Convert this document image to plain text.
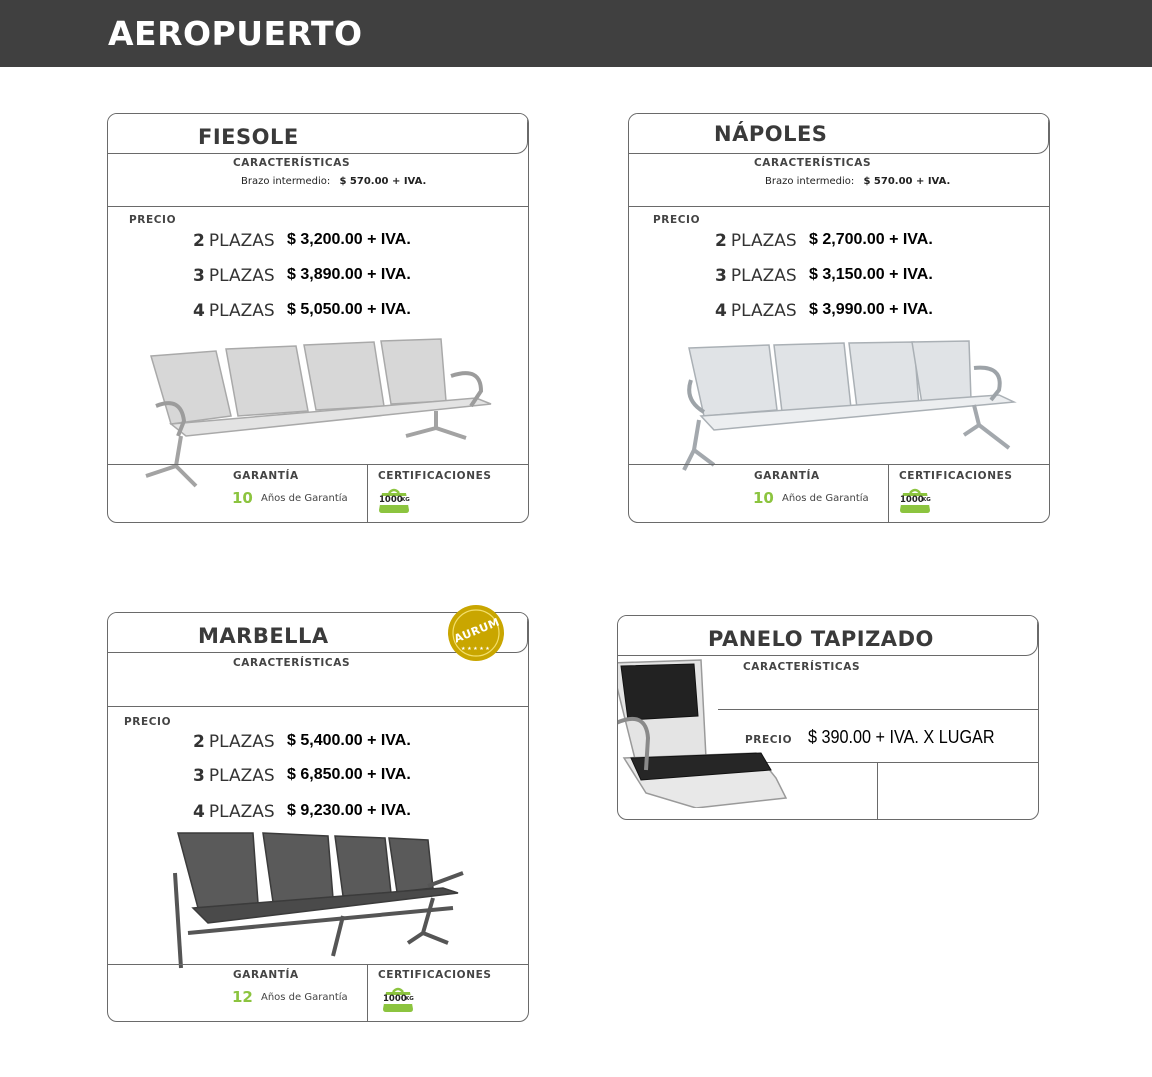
AEROPUERTO
FIESOLE
CARACTERÍSTICAS
Brazo intermedio: $ 570.00 + IVA.
PRECIO
2 PLAZAS $ 3,200.00 + IVA.
3 PLAZAS $ 3,890.00 + IVA.
4 PLAZAS $ 5,050.00 + IVA.
GARANTÍA
10 Años de Garantía
CERTIFICACIONES
1000
KG
NÁPOLES
CARACTERÍSTICAS
Brazo intermedio: $ 570.00 + IVA.
PRECIO
2 PLAZAS $ 2,700.00 + IVA.
3 PLAZAS $ 3,150.00 + IVA.
4 PLAZAS $ 3,990.00 + IVA.
GARANTÍA
10 Años de Garantía
CERTIFICACIONES
1000
KG
MARBELLA
CARACTERÍSTICAS
PRECIO
2 PLAZAS $ 5,400.00 + IVA.
3 PLAZAS $ 6,850.00 + IVA.
4 PLAZAS $ 9,230.00 + IVA.
GARANTÍA
12 Años de Garantía
CERTIFICACIONES
1000
KG
★ ★ ★ ★ ★
AURUM	PANELO TAPIZADO
CARACTERÍSTICAS
PRECIO $ 390.00 + IVA. X LUGAR
